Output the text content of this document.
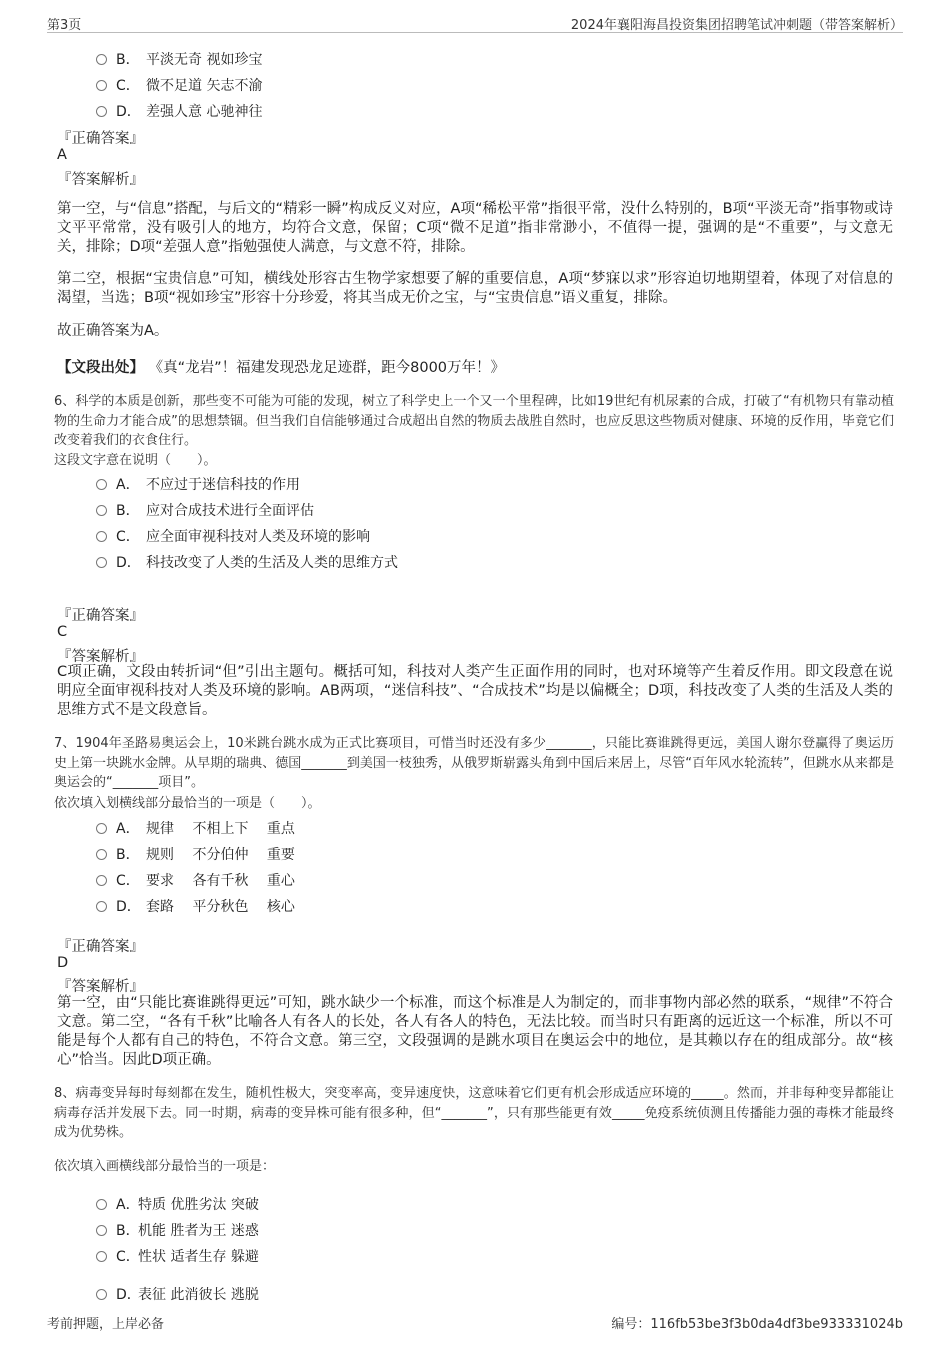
第3页	2024年襄阳海昌投资集团招聘笔试冲刺题（带答案解析）
B． 平淡无奇 视如珍宝
C． 微不足道 矢志不渝
D． 差强人意 心驰神往
『正确答案』
A
『答案解析』
第一空，与“信息”搭配，与后文的“精彩一瞬”构成反义对应，A项“稀松平常”指很平常，没什么特别的，B项“平淡无奇”指事物或诗文平平常常，没有吸引人的地方，均符合文意，保留；C项“微不足道”指非常渺小，不值得一提，强调的是“不重要”，与文意无关，排除；D项“差强人意”指勉强使人满意，与文意不符，排除。
第二空，根据“宝贵信息”可知，横线处形容古生物学家想要了解的重要信息，A项“梦寐以求”形容迫切地期望着，体现了对信息的渴望，当选；B项“视如珍宝”形容十分珍爱，将其当成无价之宝，与“宝贵信息”语义重复，排除。
故正确答案为A。
【文段出处】 《真“龙岩”！福建发现恐龙足迹群，距今8000万年！》
6、科学的本质是创新，那些变不可能为可能的发现，树立了科学史上一个又一个里程碑，比如19世纪有机尿素的合成，打破了“有机物只有靠动植物的生命力才能合成”的思想禁锢。但当我们自信能够通过合成超出自然的物质去战胜自然时，也应反思这些物质对健康、环境的反作用，毕竟它们改变着我们的衣食住行。
这段文字意在说明（　　）。
A． 不应过于迷信科技的作用
B． 应对合成技术进行全面评估
C． 应全面审视科技对人类及环境的影响
D． 科技改变了人类的生活及人类的思维方式
『正确答案』
C
『答案解析』
C项正确，文段由转折词“但”引出主题句。概括可知，科技对人类产生正面作用的同时，也对环境等产生着反作用。即文段意在说明应全面审视科技对人类及环境的影响。AB两项，“迷信科技”、“合成技术”均是以偏概全；D项，科技改变了人类的生活及人类的思维方式不是文段意旨。
7、1904年圣路易奥运会上，10米跳台跳水成为正式比赛项目，可惜当时还没有多少_______，只能比赛谁跳得更远，美国人谢尔登赢得了奥运历史上第一块跳水金牌。从早期的瑞典、德国_______到美国一枝独秀，从俄罗斯崭露头角到中国后来居上，尽管“百年风水轮流转”，但跳水从来都是奥运会的“_______项目”。
依次填入划横线部分最恰当的一项是（　　）。
A． 规律　 不相上下　 重点
B． 规则　 不分伯仲　 重要
C． 要求　 各有千秋　 重心
D． 套路　 平分秋色　 核心
『正确答案』
D
『答案解析』
第一空，由“只能比赛谁跳得更远”可知，跳水缺少一个标准，而这个标准是人为制定的，而非事物内部必然的联系，“规律”不符合文意。第二空，“各有千秋”比喻各人有各人的长处，各人有各人的特色，无法比较。而当时只有距离的远近这一个标准，所以不可能是每个人都有自己的特色，不符合文意。第三空，文段强调的是跳水项目在奥运会中的地位，是其赖以存在的组成部分。故“核心”恰当。因此D项正确。
8、病毒变异每时每刻都在发生，随机性极大，突变率高，变异速度快，这意味着它们更有机会形成适应环境的_____。然而，并非每种变异都能让病毒存活并发展下去。同一时期，病毒的变异株可能有很多种，但“_______”，只有那些能更有效_____免疫系统侦测且传播能力强的毒株才能最终成为优势株。
依次填入画横线部分最恰当的一项是：
A．特质 优胜劣汰 突破
B．机能 胜者为王 迷惑
C．性状 适者生存 躲避
D．表征 此消彼长 逃脱
考前押题，上岸必备	编号：116fb53be3f3b0da4df3be933331024b
